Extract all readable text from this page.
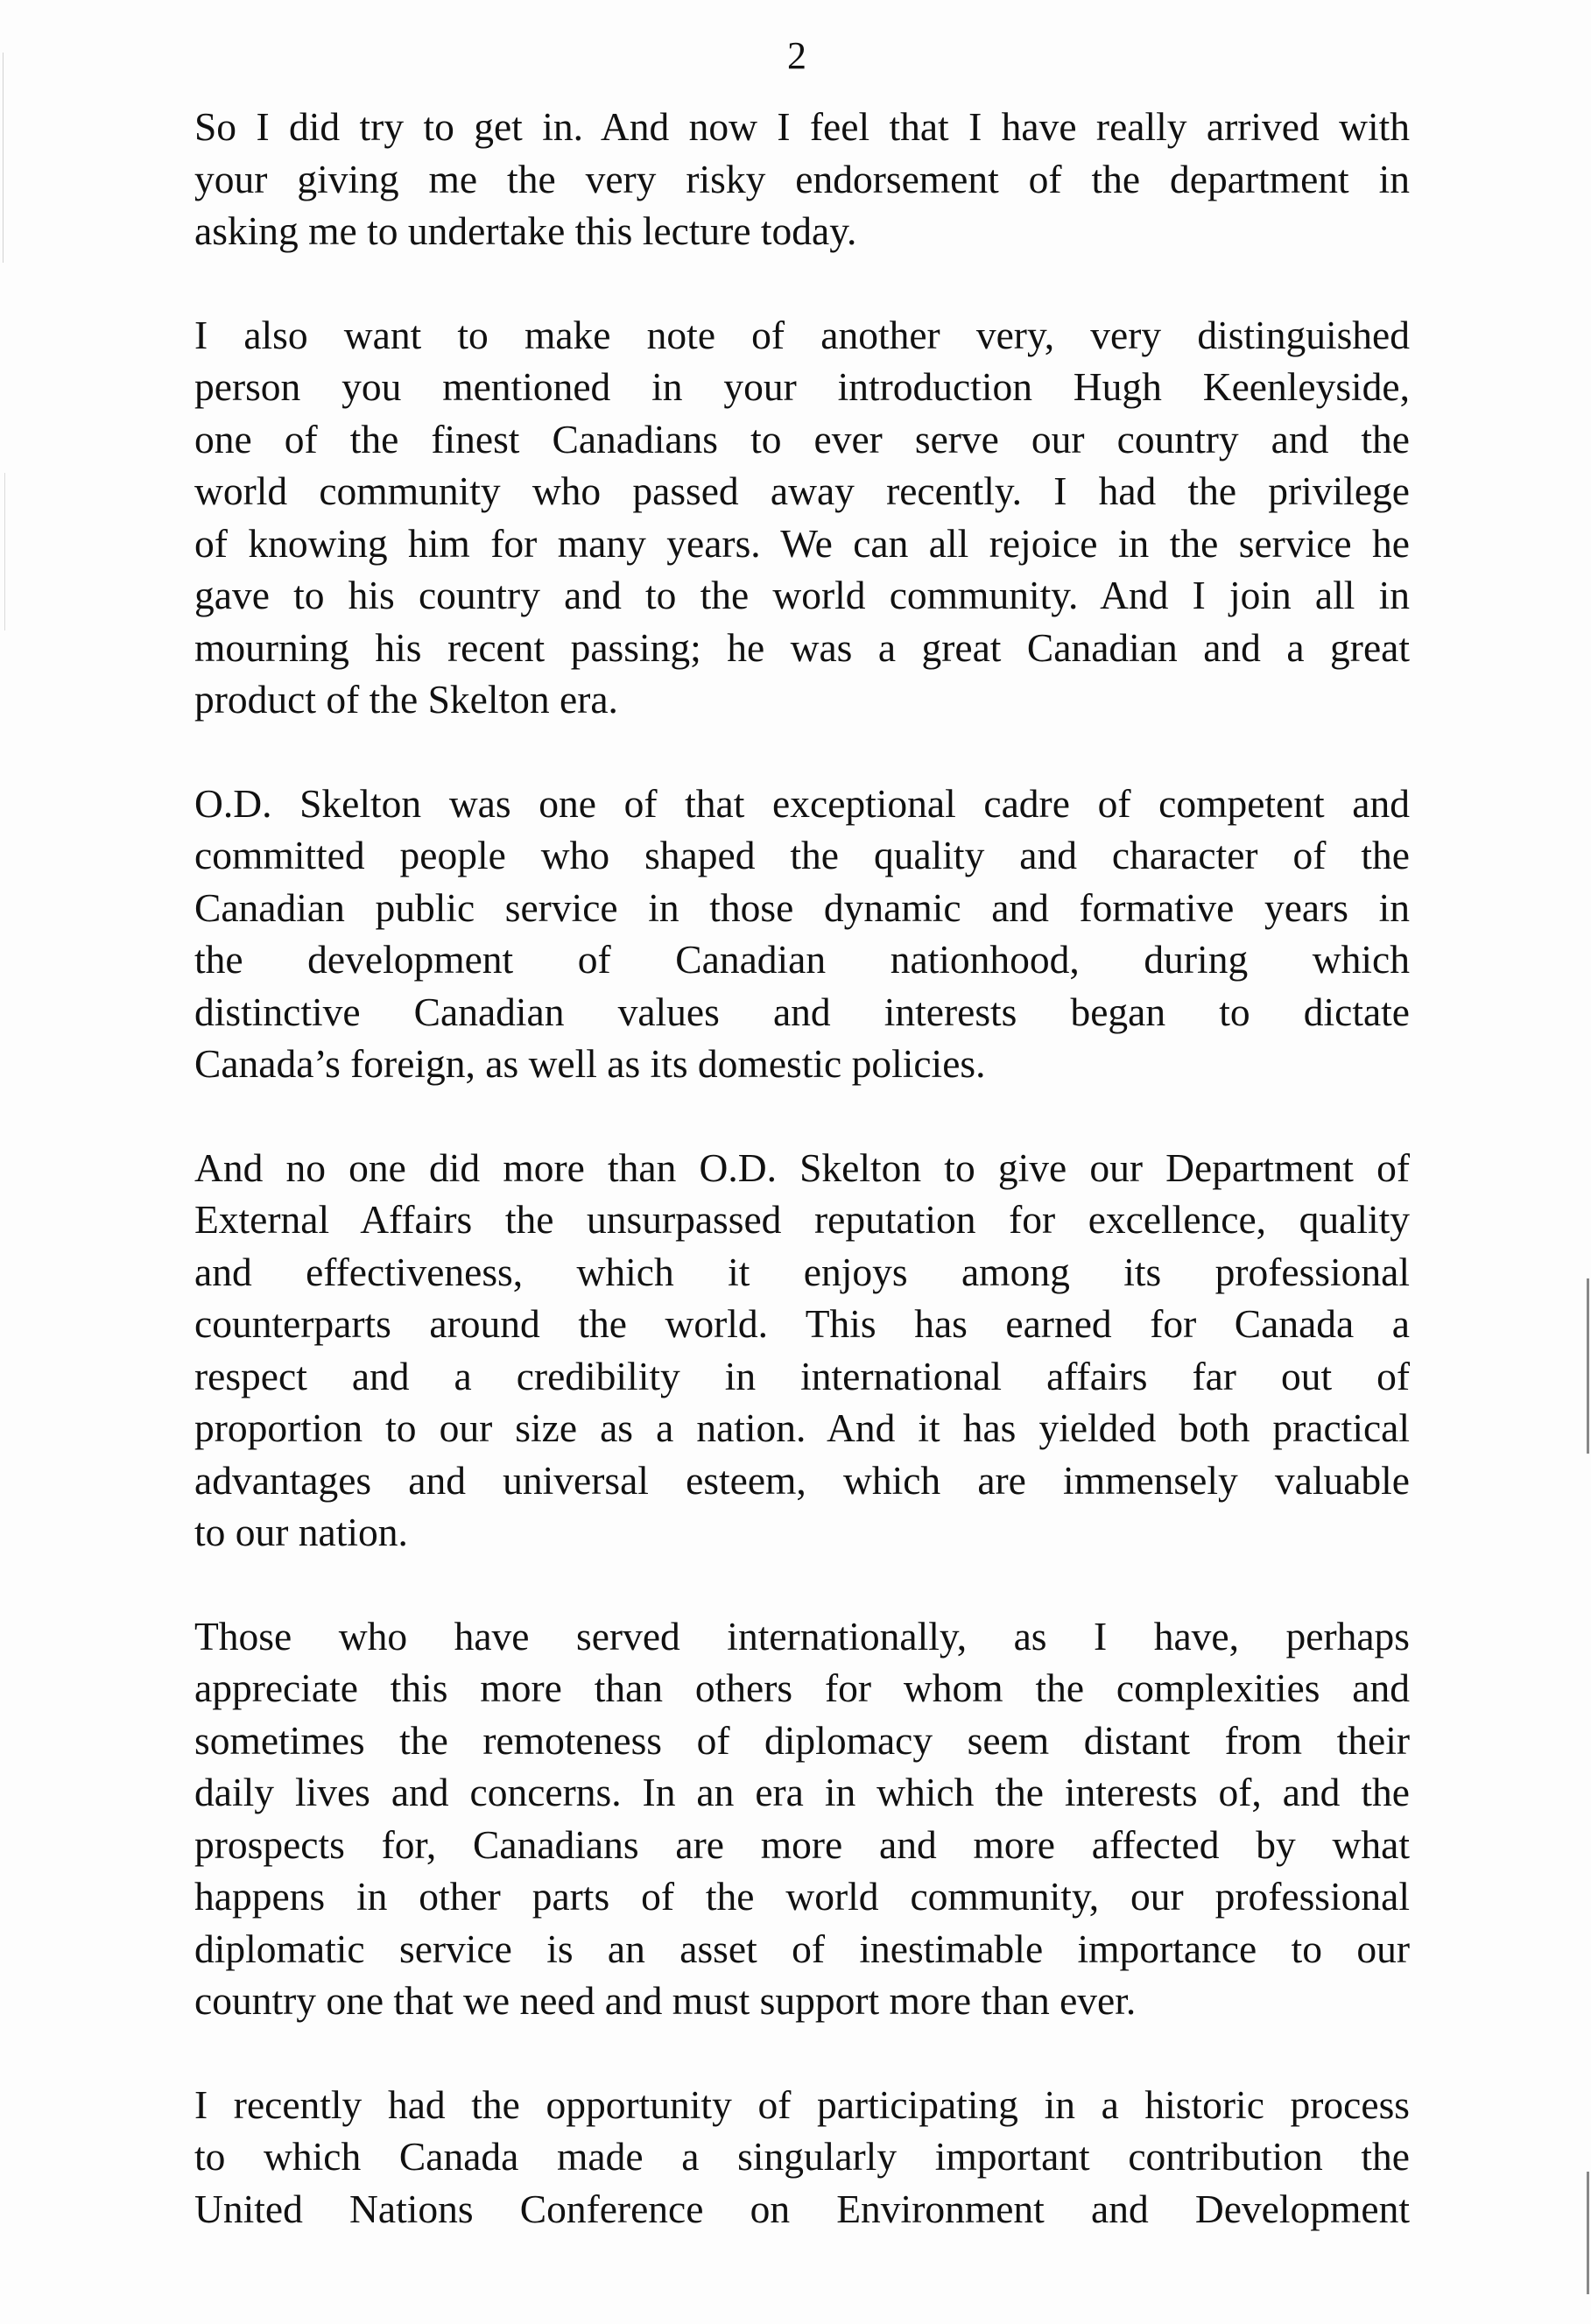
2

So I did try to get in. And now I feel that I have really arrived with
your giving me the very risky endorsement of the department in
asking me to undertake this lecture today.

I also want to make note of another very, very distinguished
person you mentioned in your introduction Hugh Keenleyside,
one of the finest Canadians to ever serve our country and the
world community who passed away recently. I had the privilege
of knowing him for many years. We can all rejoice in the service he
gave to his country and to the world community. And I join all in
mourning his recent passing; he was a great Canadian and a great
product of the Skelton era.

O.D. Skelton was one of that exceptional cadre of competent and
committed people who shaped the quality and character of the
Canadian public service in those dynamic and formative years in
the development of Canadian nationhood, during which
distinctive Canadian values and interests began to dictate
Canada’s foreign, as well as its domestic policies.

And no one did more than O.D. Skelton to give our Department of
External Affairs the unsurpassed reputation for excellence, quality
and effectiveness, which it enjoys among its professional
counterparts around the world. This has earned for Canada a
respect and a credibility in international affairs far out of
proportion to our size as a nation. And it has yielded both practical
advantages and universal esteem, which are immensely valuable
to our nation.

Those who have served internationally, as I have, perhaps
appreciate this more than others for whom the complexities and
sometimes the remoteness of diplomacy seem distant from their
daily lives and concerns. In an era in which the interests of, and the
prospects for, Canadians are more and more affected by what
happens in other parts of the world community, our professional
diplomatic service is an asset of inestimable importance to our
country one that we need and must support more than ever.

I recently had the opportunity of participating in a historic process
to which Canada made a singularly important contribution the
United Nations Conference on Environment and Development
